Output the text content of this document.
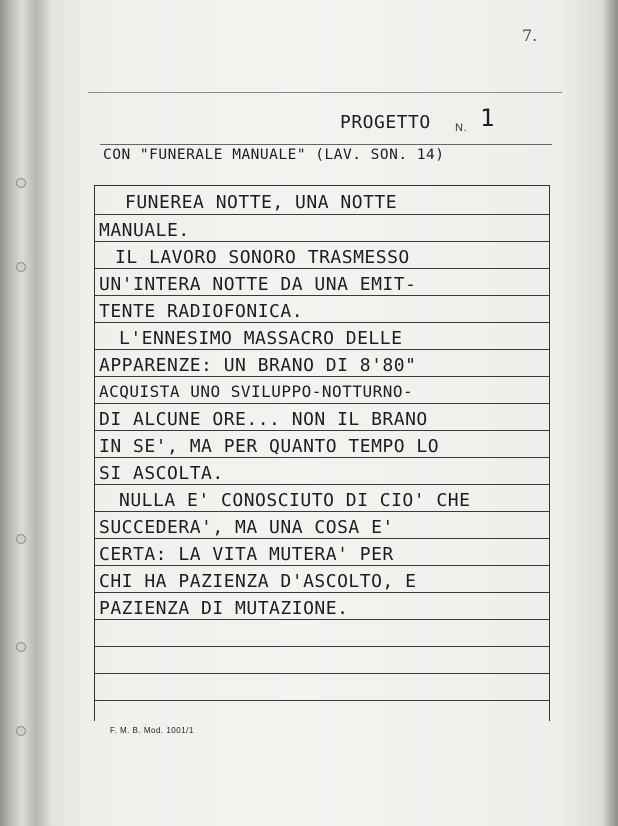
7.
PROGETTO N. 1
CON "FUNERALE MANUALE" (LAV. SON. 14)
FUNEREA NOTTE, UNA NOTTE
MANUALE.
IL LAVORO SONORO TRASMESSO
UN'INTERA NOTTE DA UNA EMIT-
TENTE RADIOFONICA.
L'ENNESIMO MASSACRO DELLE
APPARENZE: UN BRANO DI 8'80"
ACQUISTA UNO SVILUPPO-NOTTURNO-
DI ALCUNE ORE... NON IL BRANO
IN SE', MA PER QUANTO TEMPO LO
SI ASCOLTA.
NULLA E' CONOSCIUTO DI CIO' CHE
SUCCEDERA', MA UNA COSA E'
CERTA: LA VITA MUTERA' PER
CHI HA PAZIENZA D'ASCOLTO, E
PAZIENZA DI MUTAZIONE.
F. M. B. Mod. 1001/1
